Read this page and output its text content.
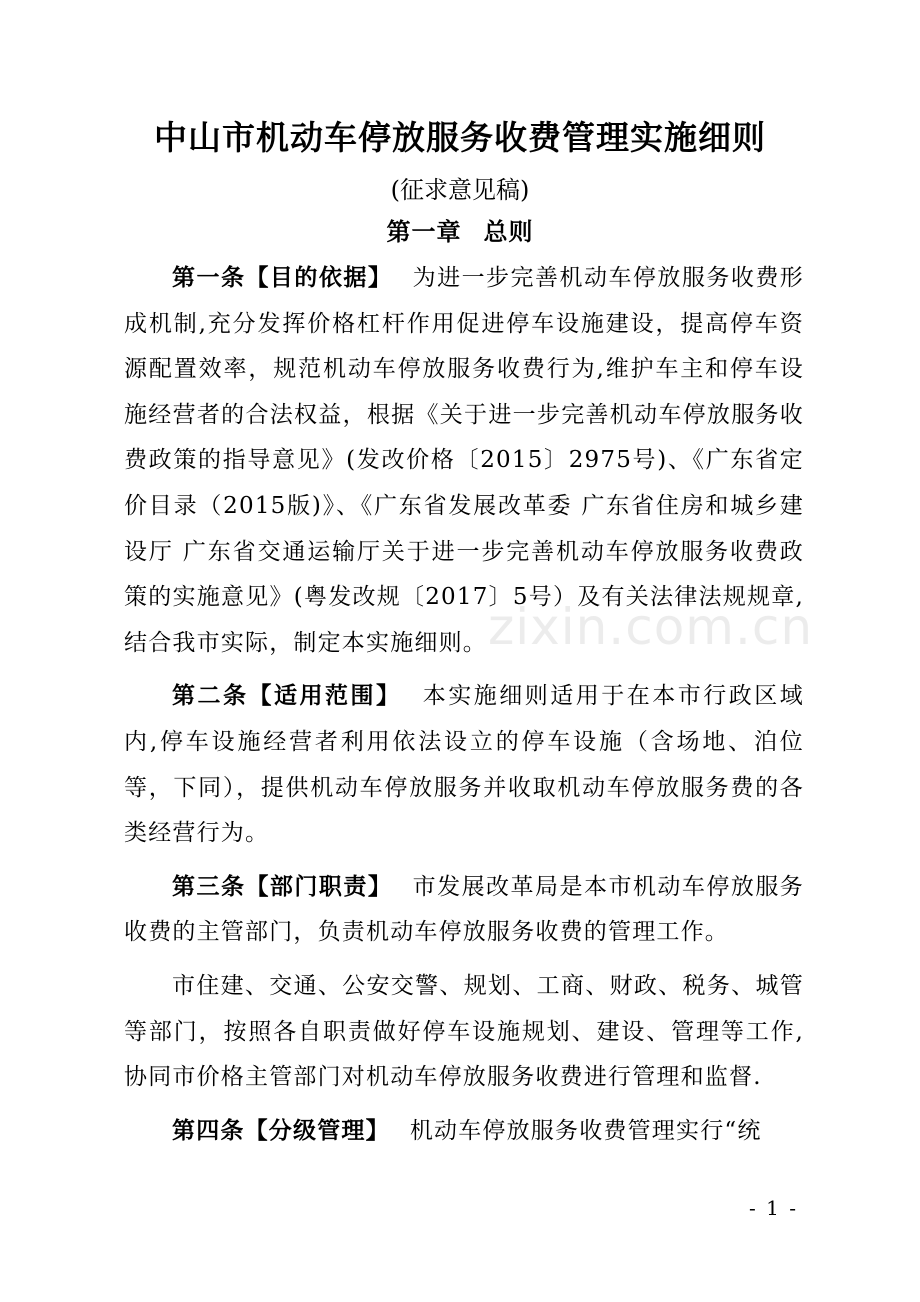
中山市机动车停放服务收费管理实施细则
(征求意见稿)
第一章 总则

第一条【目的依据】 为进一步完善机动车停放服务收费形成机制,充分发挥价格杠杆作用促进停车设施建设，提高停车资源配置效率，规范机动车停放服务收费行为,维护车主和停车设施经营者的合法权益，根据《关于进一步完善机动车停放服务收费政策的指导意见》(发改价格〔2015〕2975号)、《广东省定价目录（2015版)》、《广东省发展改革委 广东省住房和城乡建设厅 广东省交通运输厅关于进一步完善机动车停放服务收费政策的实施意见》(粤发改规〔2017〕5号）及有关法律法规规章,结合我市实际，制定本实施细则。

第二条【适用范围】 本实施细则适用于在本市行政区域内,停车设施经营者利用依法设立的停车设施（含场地、泊位等，下同），提供机动车停放服务并收取机动车停放服务费的各类经营行为。

第三条【部门职责】 市发展改革局是本市机动车停放服务收费的主管部门，负责机动车停放服务收费的管理工作。

市住建、交通、公安交警、规划、工商、财政、税务、城管等部门，按照各自职责做好停车设施规划、建设、管理等工作,协同市价格主管部门对机动车停放服务收费进行管理和监督.

第四条【分级管理】 机动车停放服务收费管理实行“统

zixin.com.cn
- 1 -
